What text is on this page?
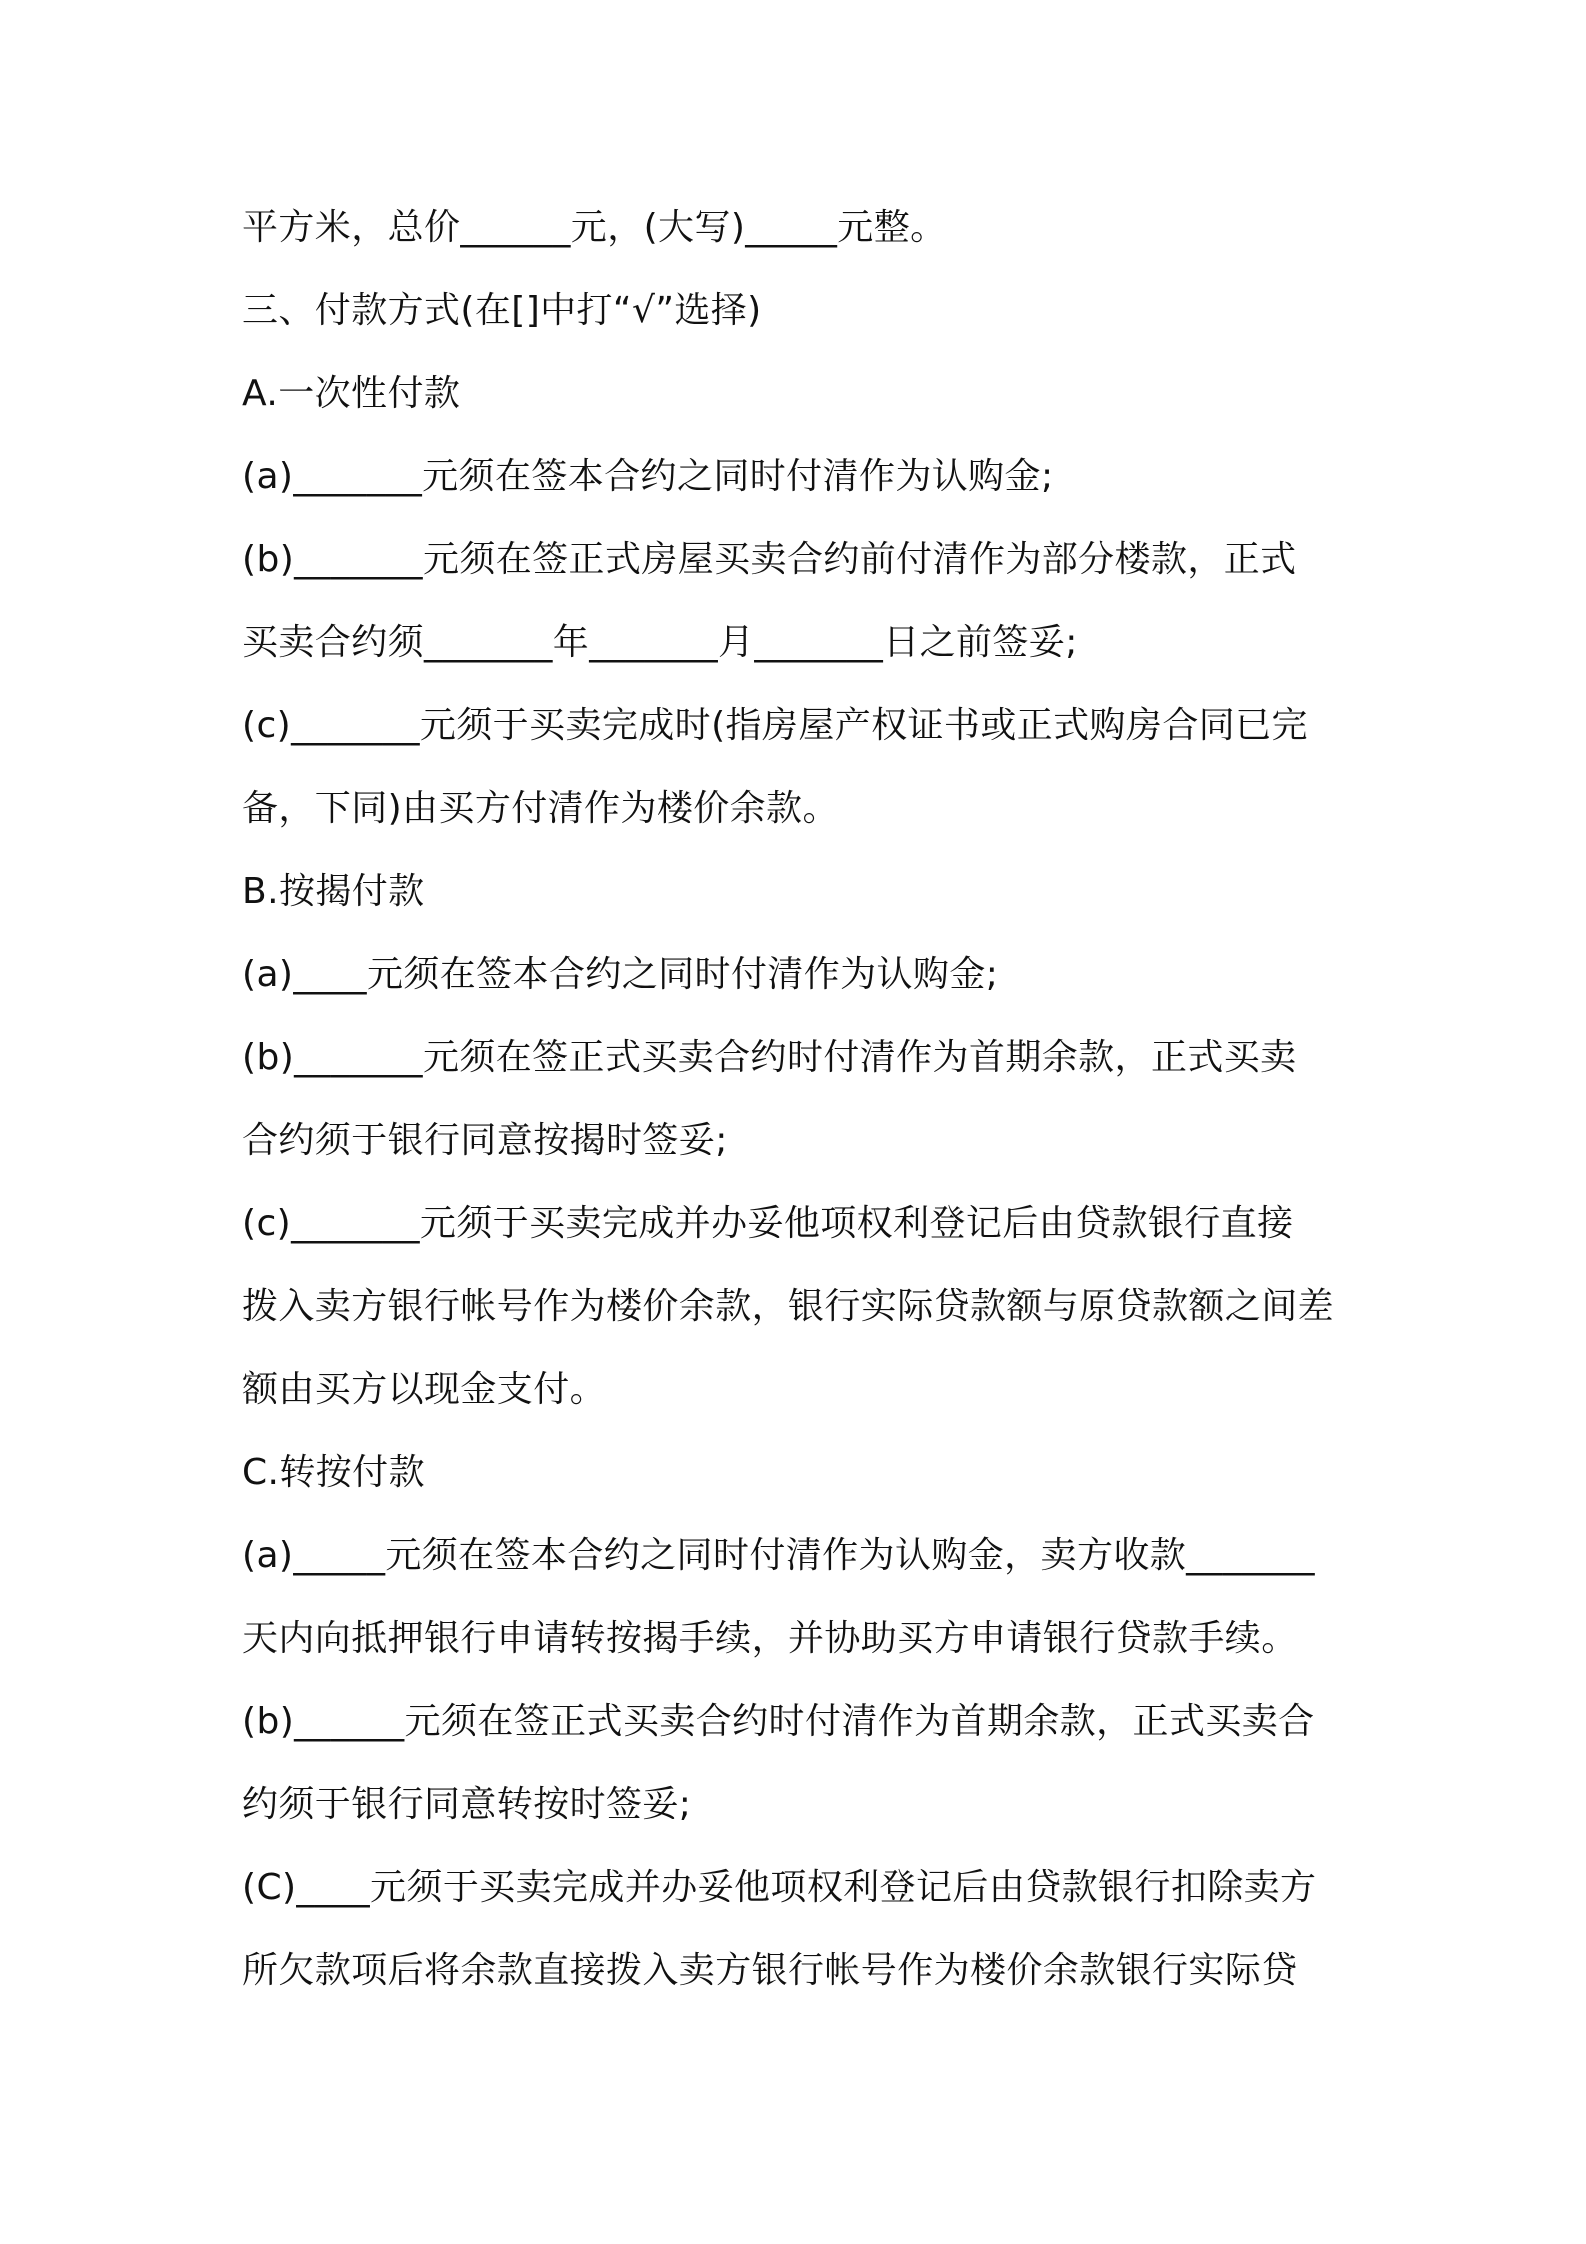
平方米，总价______元，(大写)_____元整。
三、付款方式(在[]中打“√”选择)
A.一次性付款
(a)_______元须在签本合约之同时付清作为认购金;
(b)_______元须在签正式房屋买卖合约前付清作为部分楼款，正式
买卖合约须_______年_______月_______日之前签妥;
(c)_______元须于买卖完成时(指房屋产权证书或正式购房合同已完
备，下同)由买方付清作为楼价余款。
B.按揭付款
(a)____元须在签本合约之同时付清作为认购金;
(b)_______元须在签正式买卖合约时付清作为首期余款，正式买卖
合约须于银行同意按揭时签妥;
(c)_______元须于买卖完成并办妥他项权利登记后由贷款银行直接
拨入卖方银行帐号作为楼价余款，银行实际贷款额与原贷款额之间差
额由买方以现金支付。
C.转按付款
(a)_____元须在签本合约之同时付清作为认购金，卖方收款_______
天内向抵押银行申请转按揭手续，并协助买方申请银行贷款手续。
(b)______元须在签正式买卖合约时付清作为首期余款，正式买卖合
约须于银行同意转按时签妥;
(C)____元须于买卖完成并办妥他项权利登记后由贷款银行扣除卖方
所欠款项后将余款直接拨入卖方银行帐号作为楼价余款银行实际贷
